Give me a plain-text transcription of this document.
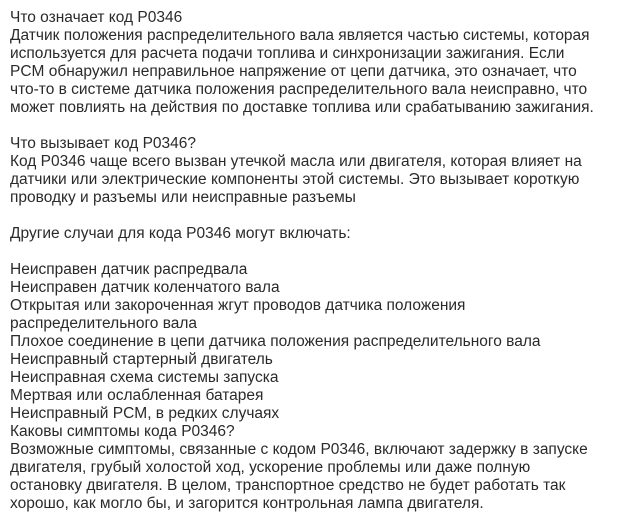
Что означает код P0346
Датчик положения распределительного вала является частью системы, которая
используется для расчета подачи топлива и синхронизации зажигания. Если
PCM обнаружил неправильное напряжение от цепи датчика, это означает, что
что-то в системе датчика положения распределительного вала неисправно, что
может повлиять на действия по доставке топлива или срабатыванию зажигания.
Что вызывает код P0346?
Код P0346 чаще всего вызван утечкой масла или двигателя, которая влияет на
датчики или электрические компоненты этой системы. Это вызывает короткую
проводку и разъемы или неисправные разъемы
Другие случаи для кода P0346 могут включать:
Неисправен датчик распредвала
Неисправен датчик коленчатого вала
Открытая или закороченная жгут проводов датчика положения
распределительного вала
Плохое соединение в цепи датчика положения распределительного вала
Неисправный стартерный двигатель
Неисправная схема системы запуска
Мертвая или ослабленная батарея
Неисправный PCM, в редких случаях
Каковы симптомы кода P0346?
Возможные симптомы, связанные с кодом P0346, включают задержку в запуске
двигателя, грубый холостой ход, ускорение проблемы или даже полную
остановку двигателя. В целом, транспортное средство не будет работать так
хорошо, как могло бы, и загорится контрольная лампа двигателя.
